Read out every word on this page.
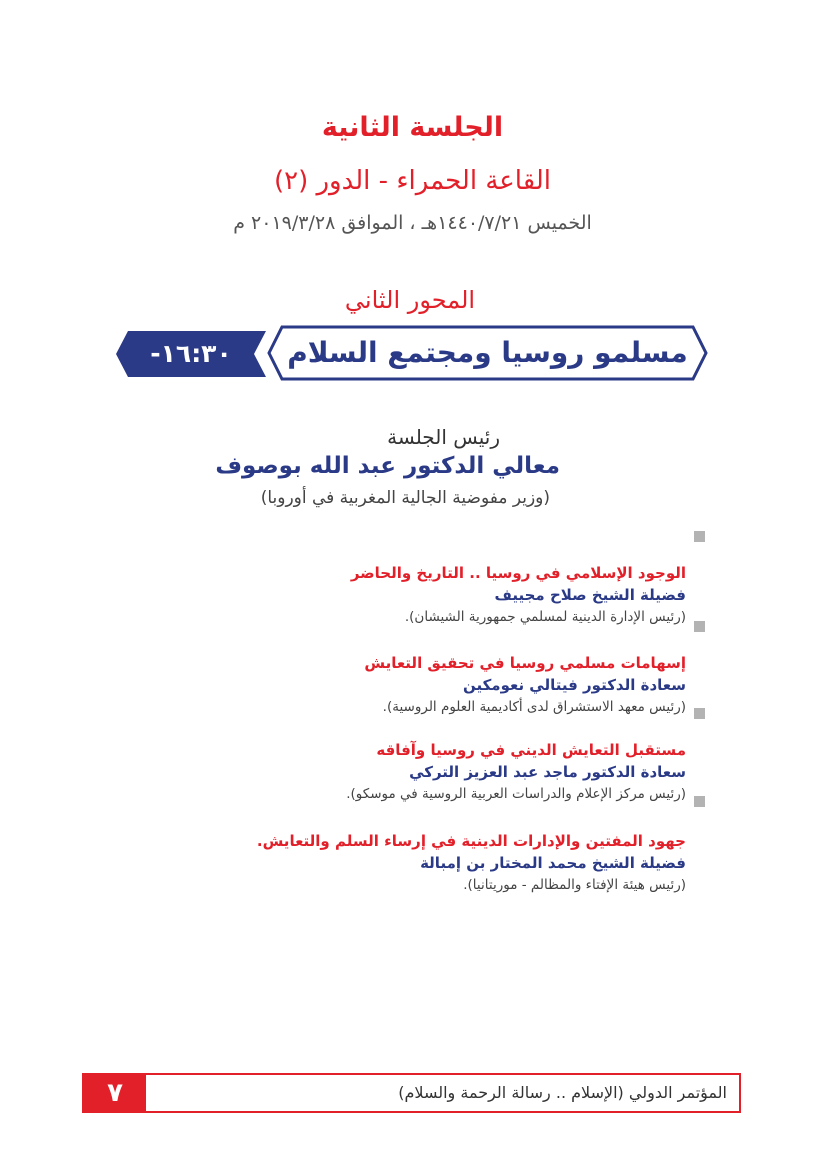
الجلسة الثانية
القاعة الحمراء - الدور (٢)
الخميس ١٤٤٠/٧/٢١هـ ، الموافق ٢٠١٩/٣/٢٨ م
المحور الثاني
مسلمو روسيا ومجتمع السلام
١٦:٣٠- ١٨:٠٠
رئيس الجلسة
معالي الدكتور عبد الله بوصوف
(وزير مفوضية الجالية المغربية في أوروبا)
الوجود الإسلامي في روسيا .. التاريخ والحاضر
فضيلة الشيخ صلاح مجييف
(رئيس الإدارة الدينية لمسلمي جمهورية الشيشان).
إسهامات مسلمي روسيا في تحقيق التعايش
سعادة الدكتور فيتالي نعومكين
(رئيس معهد الاستشراق لدى أكاديمية العلوم الروسية).
مستقبل التعايش الديني في روسيا وآفاقه
سعادة الدكتور ماجد عبد العزيز التركي
(رئيس مركز الإعلام والدراسات العربية الروسية في موسكو).
جهود المفتين والإدارات الدينية في إرساء السلم والتعايش.
فضيلة الشيخ محمد المختار بن إمبالة
(رئيس هيئة الإفتاء والمظالم - موريتانيا).
٧	المؤتمر الدولي (الإسلام .. رسالة الرحمة والسلام)
